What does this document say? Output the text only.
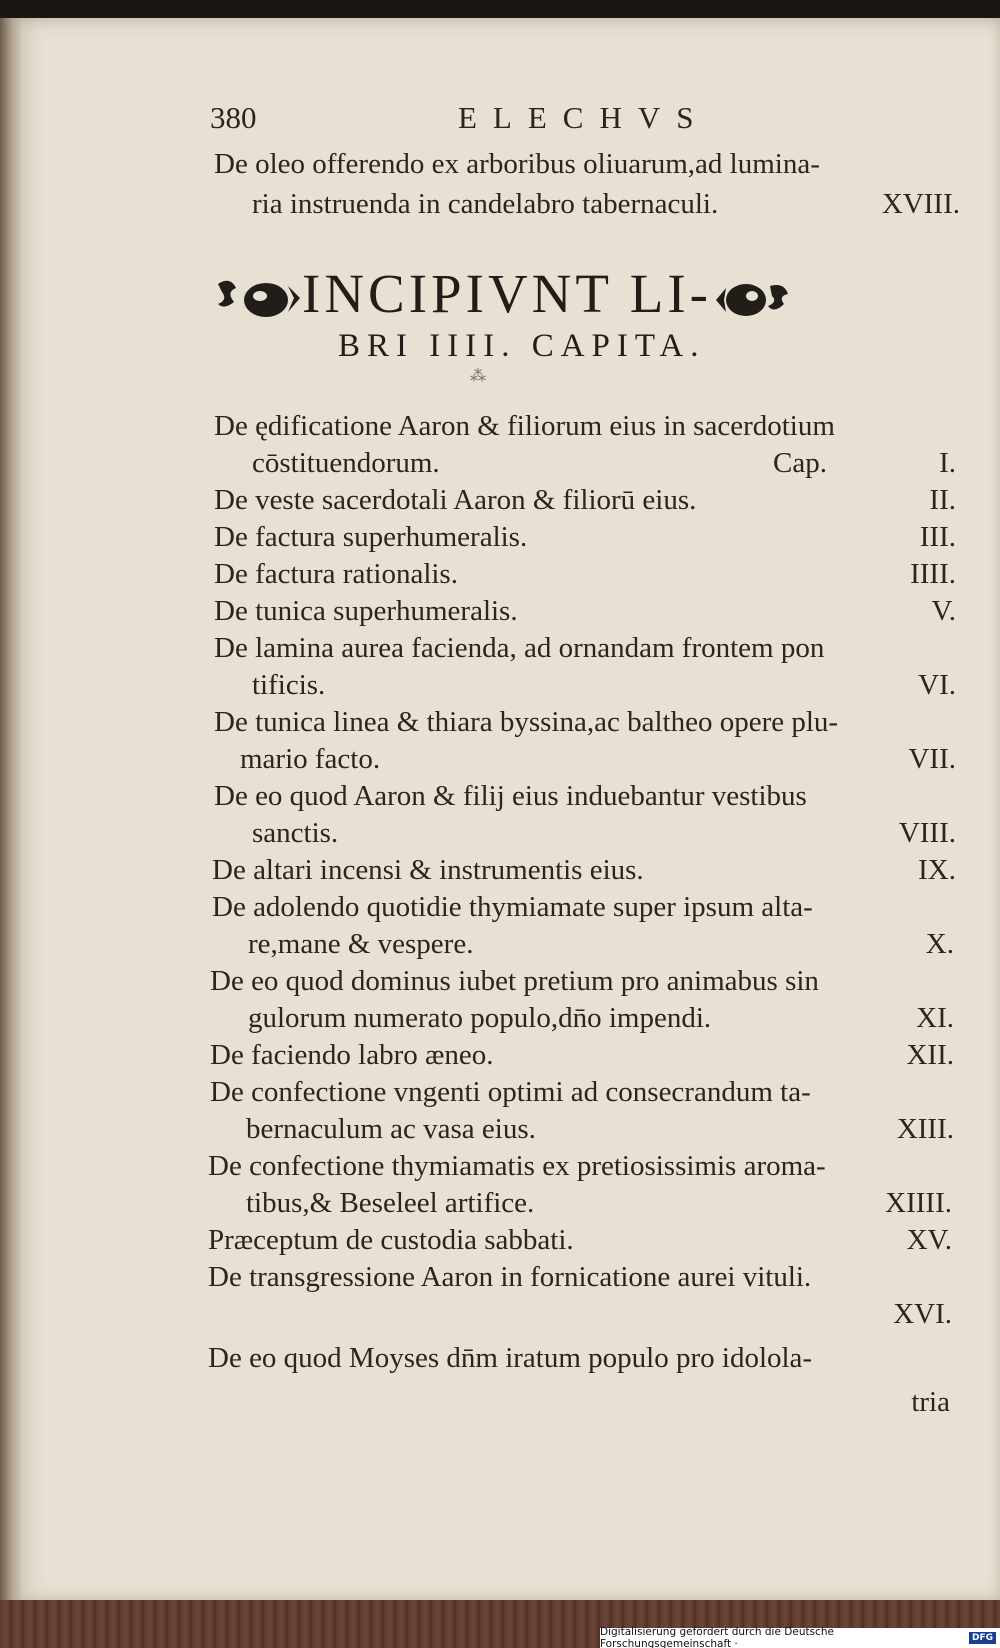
380	ELECHVS
De oleo offerendo ex arboribus oliuarum,ad lumina-
ria instruenda in candelabro tabernaculi.	XVIII.
INCIPIVNT LI-
BRI IIII. CAPITA.
⁂
De ędificatione Aaron & filiorum eius in sacerdotium
cōstituendorum.	Cap.	I.
De veste sacerdotali Aaron & filiorū eius.	II.
De factura superhumeralis.	III.
De factura rationalis.	IIII.
De tunica superhumeralis.	V.
De lamina aurea facienda, ad ornandam frontem pon
tificis.	VI.
De tunica linea & thiara byssina,ac baltheo opere plu-
mario facto.	VII.
De eo quod Aaron & filij eius induebantur vestibus
sanctis.	VIII.
De altari incensi & instrumentis eius.	IX.
De adolendo quotidie thymiamate super ipsum alta-
re,mane & vespere.	X.
De eo quod dominus iubet pretium pro animabus sin
gulorum numerato populo,dn̄o impendi.	XI.
De faciendo labro æneo.	XII.
De confectione vngenti optimi ad consecrandum ta-
bernaculum ac vasa eius.	XIII.
De confectione thymiamatis ex pretiosissimis aroma-
tibus,& Beseleel artifice.	XIIII.
Præceptum de custodia sabbati.	XV.
De transgressione Aaron in fornicatione aurei vituli.
XVI.
De eo quod Moyses dn̄m iratum populo pro idolola-
tria
Digitalisierung gefördert durch die Deutsche Forschungsgemeinschaft ·	DFG
